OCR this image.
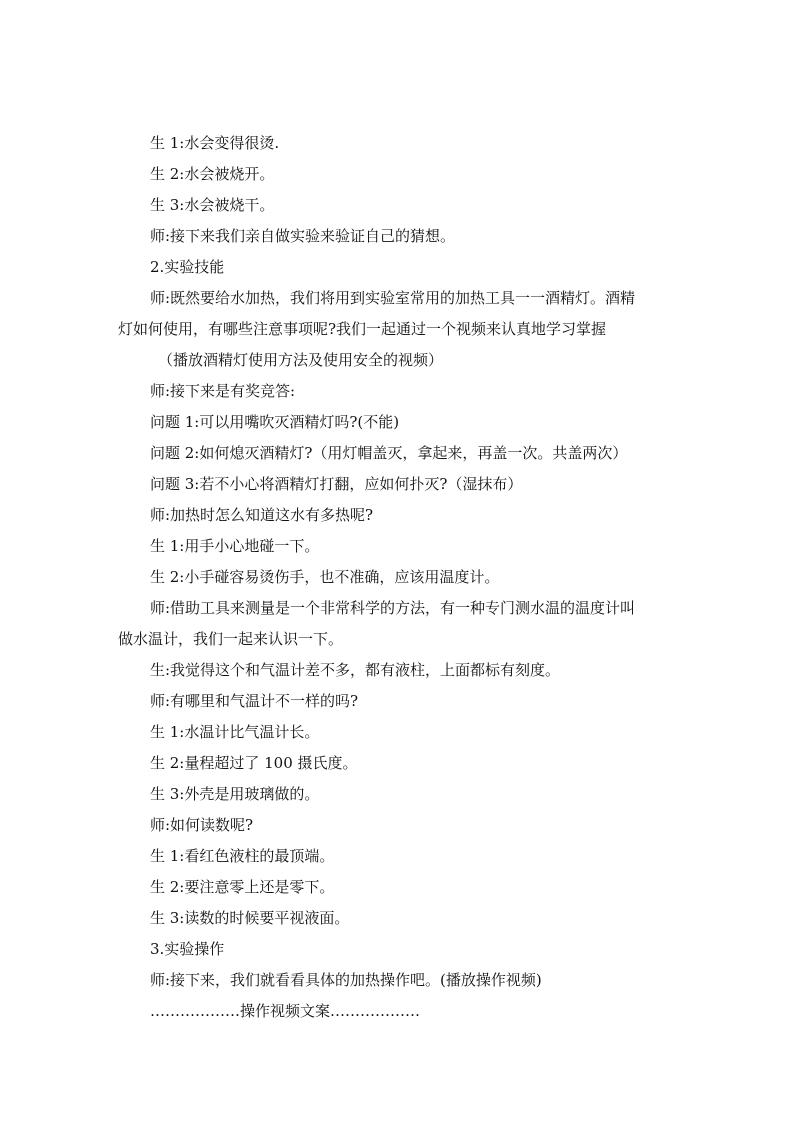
生 1:水会变得很烫.
生 2:水会被烧开。
生 3:水会被烧干。
师:接下来我们亲自做实验来验证自己的猜想。
2.实验技能
师:既然要给水加热，我们将用到实验室常用的加热工具一一酒精灯。酒精
灯如何使用，有哪些注意事项呢?我们一起通过一个视频来认真地学习掌握
（播放酒精灯使用方法及使用安全的视频）
师:接下来是有奖竞答:
问题 1:可以用嘴吹灭酒精灯吗?(不能)
问题 2:如何熄灭酒精灯?（用灯帽盖灭，拿起来，再盖一次。共盖两次）
问题 3:若不小心将酒精灯打翻，应如何扑灭?（湿抹布）
师:加热时怎么知道这水有多热呢?
生 1:用手小心地碰一下。
生 2:小手碰容易烫伤手，也不准确，应该用温度计。
师:借助工具来测量是一个非常科学的方法，有一种专门测水温的温度计叫
做水温计，我们一起来认识一下。
生:我觉得这个和气温计差不多，都有液柱，上面都标有刻度。
师:有哪里和气温计不一样的吗?
生 1:水温计比气温计长。
生 2:量程超过了 100 摄氏度。
生 3:外壳是用玻璃做的。
师:如何读数呢?
生 1:看红色液柱的最顶端。
生 2:要注意零上还是零下。
生 3:读数的时候要平视液面。
3.实验操作
师:接下来，我们就看看具体的加热操作吧。(播放操作视频)
………………操作视频文案………………
